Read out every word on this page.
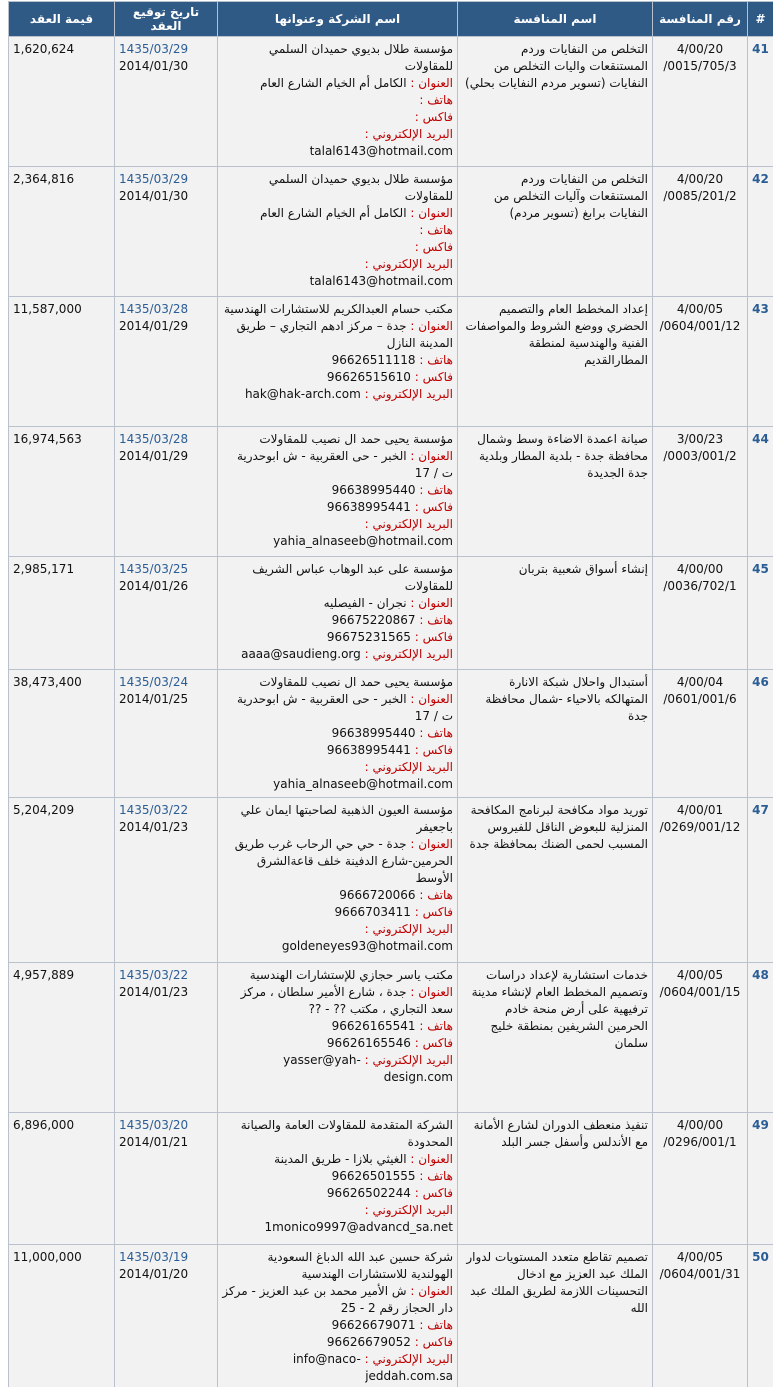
#	رقم المنافسة	اسم المنافسة	اسم الشركة وعنوانها	تاريخ توقيع العقد	قيمة العقد
41	4/00/20 /0015/705/3	التخلص من النفايات وردم المستنقعات واليات التخلص من النفايات (تسوير مردم النفايات بحلي)	مؤسسة طلال بديوي حميدان السلمي للمقاولات
العنوان : الكامل أم الخيام الشارع العام
هاتف :
فاكس :
البريد الإلكتروني : talal6143@hotmail.com	1435/03/29
2014/01/30	1,620,624
42	4/00/20 /0085/201/2	التخلص من النفايات وردم المستنقعات وآليات التخلص من النفايات برابغ (تسوير مردم)	مؤسسة طلال بديوي حميدان السلمي للمقاولات
العنوان : الكامل أم الخيام الشارع العام
هاتف :
فاكس :
البريد الإلكتروني : talal6143@hotmail.com	1435/03/29
2014/01/30	2,364,816
43	4/00/05 /0604/001/12	إعداد المخطط العام والتصميم الحضري ووضع الشروط والمواصفات الفنية والهندسية لمنطقة المطارالقديم	مكتب حسام العبدالكريم للاستشارات الهندسية
العنوان : جدة – مركز ادهم التجاري – طريق المدينة النازل
هاتف : 96626511118
فاكس : 96626515610
البريد الإلكتروني : hak@hak-arch.com	1435/03/28
2014/01/29	11,587,000
44	3/00/23 /0003/001/2	صيانة اعمدة الاضاءة وسط وشمال محافظة جدة - بلدية المطار وبلدية جدة الجديدة	مؤسسة يحيى حمد ال نصيب للمقاولات
العنوان : الخبر - حى العقربية - ش ابوحدرية ت / 17
هاتف : 96638995440
فاكس : 96638995441
البريد الإلكتروني : yahia_alnaseeb@hotmail.com	1435/03/28
2014/01/29	16,974,563
45	4/00/00 /0036/702/1	إنشاء أسواق شعبية بتربان	مؤسسة على عبد الوهاب عباس الشريف للمقاولات
العنوان : نجران - الفيصليه
هاتف : 96675220867
فاكس : 96675231565
البريد الإلكتروني : aaaa@saudieng.org	1435/03/25
2014/01/26	2,985,171
46	4/00/04 /0601/001/6	أستبدال واحلال شبكة الانارة المتهالكه بالاحياء -شمال محافظة جدة	مؤسسة يحيى حمد ال نصيب للمقاولات
العنوان : الخبر - حى العقربية - ش ابوحدرية ت / 17
هاتف : 96638995440
فاكس : 96638995441
البريد الإلكتروني : yahia_alnaseeb@hotmail.com	1435/03/24
2014/01/25	38,473,400
47	4/00/01 /0269/001/12	توريد مواد مكافحة لبرنامج المكافحة المنزلية للبعوض الناقل للفيروس المسبب لحمى الضنك بمحافظة جدة	مؤسسة العيون الذهبية لصاحبتها ايمان علي باجعيفر
العنوان : جدة - حي حي الرحاب غرب طريق الحرمين-شارع الدفينة خلف قاعةالشرق الأوسط
هاتف : 9666720066
فاكس : 9666703411
البريد الإلكتروني : goldeneyes93@hotmail.com	1435/03/22
2014/01/23	5,204,209
48	4/00/05 /0604/001/15	خدمات استشارية لإعداد دراسات وتصميم المخطط العام لإنشاء مدينة ترفيهية على أرض منحة خادم الحرمين الشريفين بمنطقة خليج سلمان	مكتب ياسر حجازي للإستشارات الهندسية
العنوان : جدة ، شارع الأمير سلطان ، مركز سعد التجاري ، مكتب ?? - ??
هاتف : 96626165541
فاكس : 96626165546
البريد الإلكتروني : yasser@yah-design.com	1435/03/22
2014/01/23	4,957,889
49	4/00/00 /0296/001/1	تنفيذ منعطف الدوران لشارع الأمانة مع الأندلس وأسفل جسر البلد	الشركة المتقدمة للمقاولات العامة والصيانة المحدودة
العنوان : الغيثي بلازا - طريق المدينة
هاتف : 96626501555
فاكس : 96626502244
البريد الإلكتروني : 1monico9997@advancd_sa.net	1435/03/20
2014/01/21	6,896,000
50	4/00/05 /0604/001/31	تصميم تقاطع متعدد المستويات لدوار الملك عبد العزيز مع ادخال التحسينات اللازمة لطريق الملك عبد الله	شركة حسين عبد الله الدباغ السعودية الهولندية للاستشارات الهندسية
العنوان : ش الأمير محمد بن عبد العزيز - مركز دار الحجاز رقم 2 - 25
هاتف : 96626679071
فاكس : 96626679052
البريد الإلكتروني : info@naco-jeddah.com.sa	1435/03/19
2014/01/20	11,000,000
